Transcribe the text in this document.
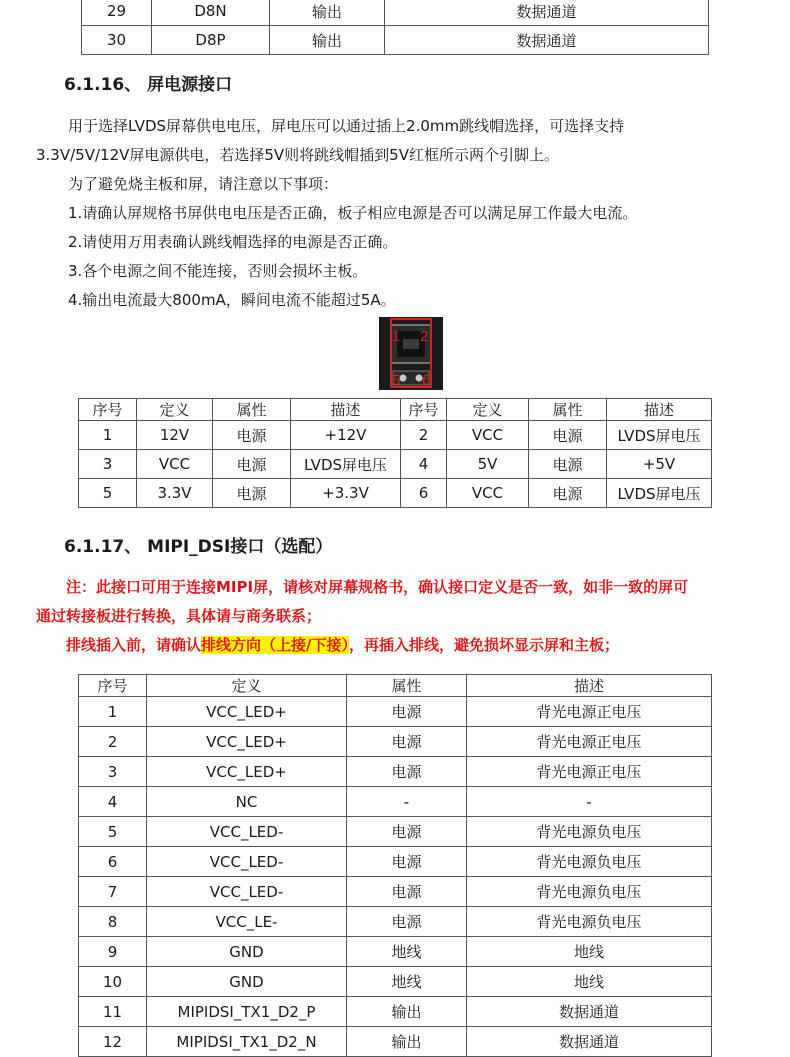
29	D8N	输出	数据通道
30	D8P	输出	数据通道
6.1.16、 屏电源接口

用于选择LVDS屏幕供电电压，屏电压可以通过插上2.0mm跳线帽选择，可选择支持

3.3V/5V/12V屏电源供电，若选择5V则将跳线帽插到5V红框所示两个引脚上。

为了避免烧主板和屏，请注意以下事项：

1.请确认屏规格书屏供电电压是否正确，板子相应电源是否可以满足屏工作最大电流。

2.请使用万用表确认跳线帽选择的电源是否正确。

3.各个电源之间不能连接，否则会损坏主板。

4.输出电流最大800mA，瞬间电流不能超过5A。

1 2
5 6
序号	定义	属性	描述	序号	定义	属性	描述
1	12V	电源	+12V	2	VCC	电源	LVDS屏电压
3	VCC	电源	LVDS屏电压	4	5V	电源	+5V
5	3.3V	电源	+3.3V	6	VCC	电源	LVDS屏电压
6.1.17、 MIPI_DSI接口（选配）

注：此接口可用于连接MIPI屏，请核对屏幕规格书，确认接口定义是否一致，如非一致的屏可

通过转接板进行转换，具体请与商务联系；

排线插入前，请确认排线方向（上接/下接），再插入排线，避免损坏显示屏和主板；

序号	定义	属性	描述
1	VCC_LED+	电源	背光电源正电压
2	VCC_LED+	电源	背光电源正电压
3	VCC_LED+	电源	背光电源正电压
4	NC	-	-
5	VCC_LED-	电源	背光电源负电压
6	VCC_LED-	电源	背光电源负电压
7	VCC_LED-	电源	背光电源负电压
8	VCC_LE-	电源	背光电源负电压
9	GND	地线	地线
10	GND	地线	地线
11	MIPIDSI_TX1_D2_P	输出	数据通道
12	MIPIDSI_TX1_D2_N	输出	数据通道
